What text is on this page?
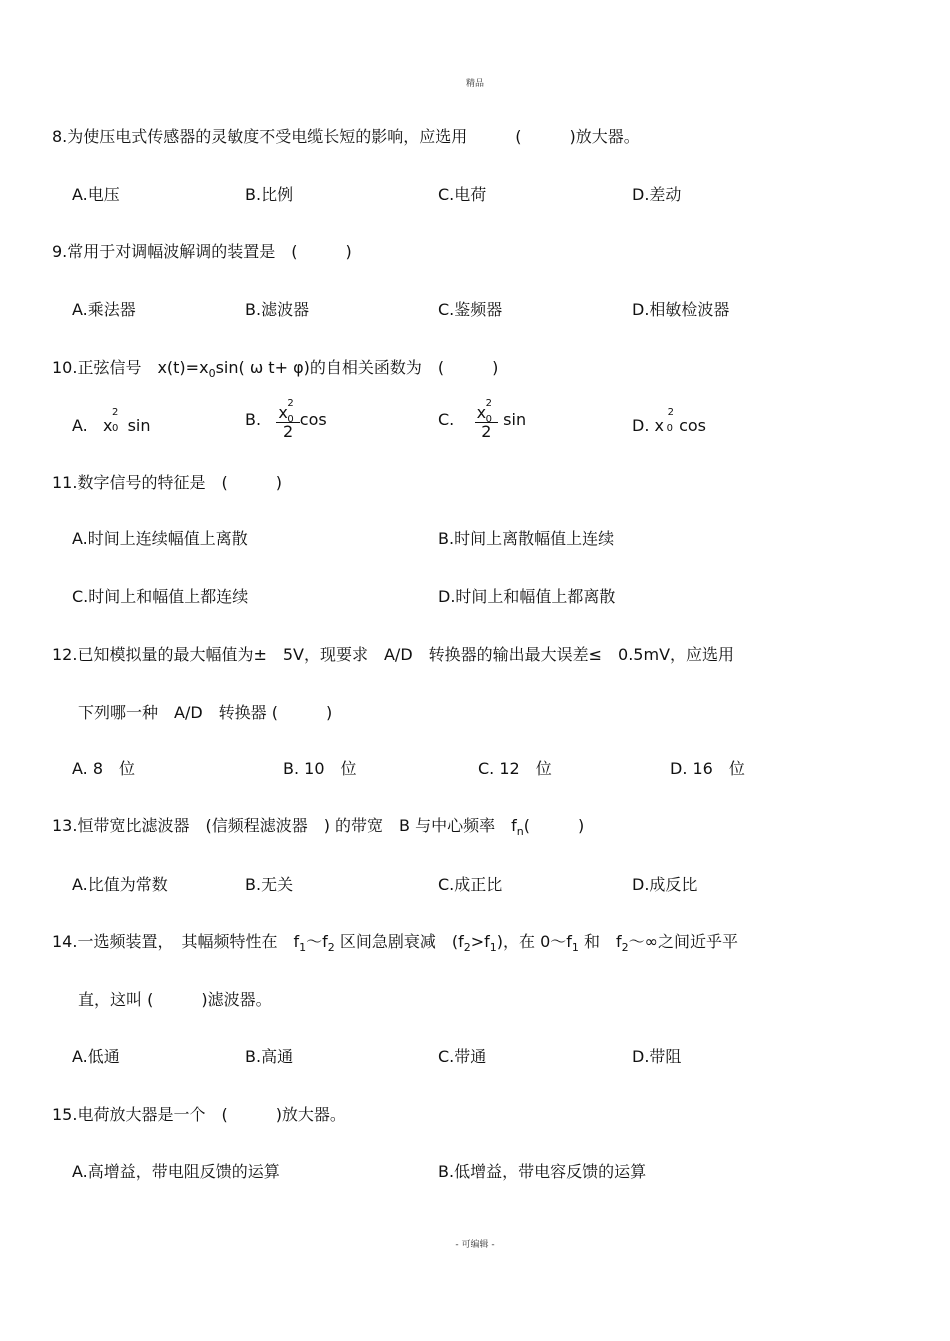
精品
8.为使压电式传感器的灵敏度不受电缆长短的影响，应选用　　　(　　　)放大器。
A.电压	B.比例	C.电荷	D.差动
9.常用于对调幅波解调的装置是　(　　　)
A.乘法器	B.滤波器	C.鉴频器	D.相敏检波器
10.正弦信号　$x(t)=x_0\sin$( ω t+ φ)的自相关函数为　(　　　)
A. x
2
0 sin	B. x 2
0
2 cos	C. x 2
0
2 sin	D. x
2
0 cos
11.数字信号的特征是　(　　　)
A.时间上连续幅值上离散	B.时间上离散幅值上连续
C.时间上和幅值上都连续	D.时间上和幅值上都离散
12.已知模拟量的最大幅值为±　5V，现要求　A/D　转换器的输出最大误差≤　0.5mV，应选用
下列哪一种　A/D　转换器 (　　　)
A. 8　位	B. 10　位	C. 12　位	D. 16　位
13.恒带宽比滤波器　(信频程滤波器　) 的带宽　B 与中心频率　$f_n$(　　　)
A.比值为常数	B.无关	C.成正比	D.成反比
14.一选频装置，　其幅频特性在　$f_1\sim f_2$ 区间急剧衰减　$(f_2>f_1)$，在 $0\sim f_1$ 和　$f_2\sim\infty$之间近乎平
直，这叫 (　　　)滤波器。
A.低通	B.高通	C.带通	D.带阻
15.电荷放大器是一个　(　　　)放大器。
A.高增益，带电阻反馈的运算	B.低增益，带电容反馈的运算
- 可编辑 -
